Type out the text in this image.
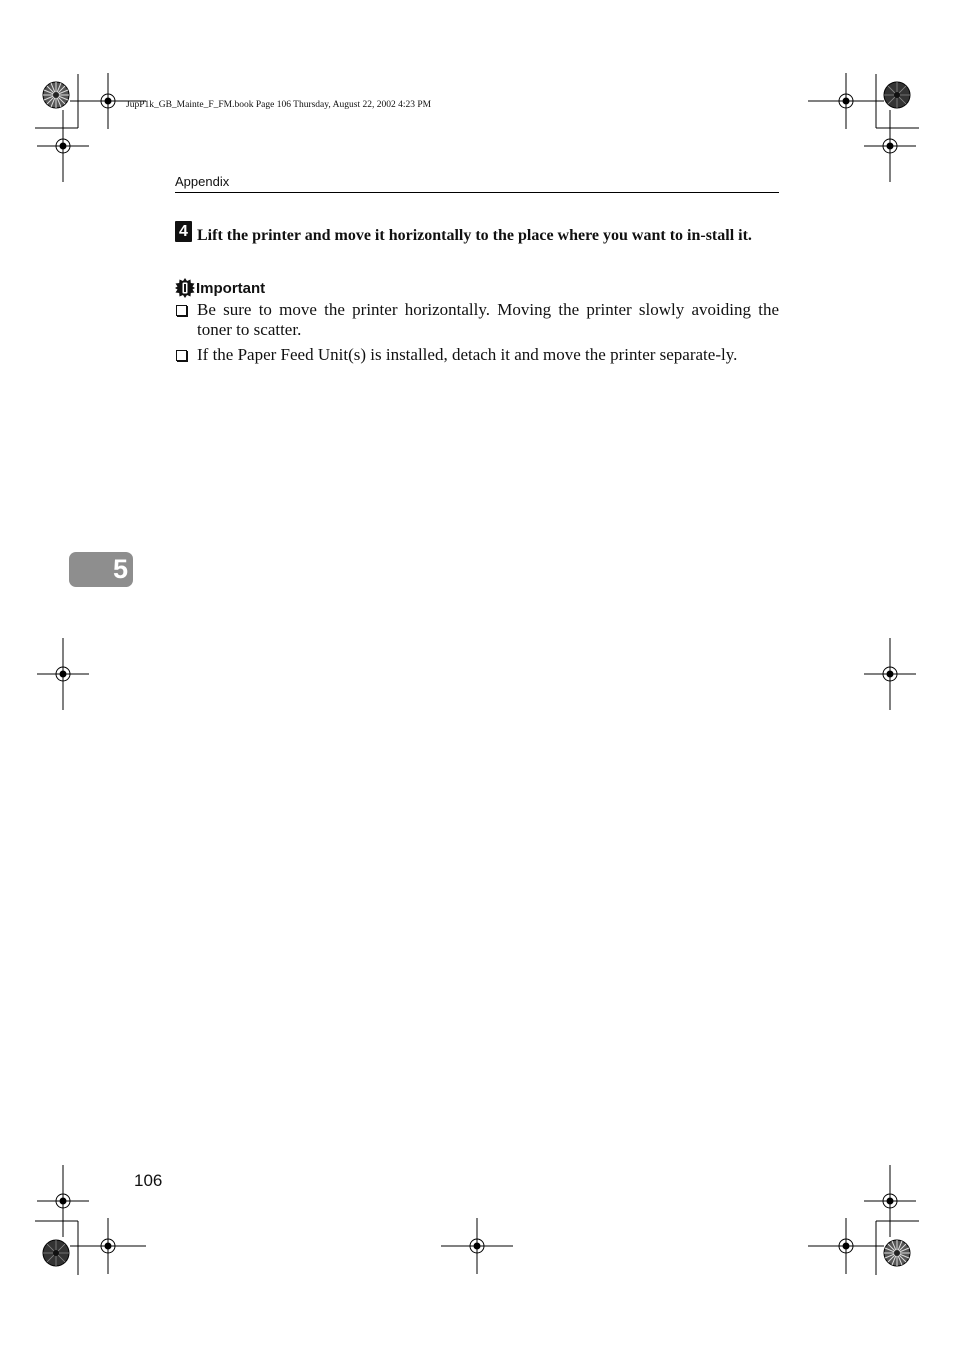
JupP1k_GB_Mainte_F_FM.book Page 106 Thursday, August 22, 2002 4:23 PM
Appendix
4 Lift the printer and move it horizontally to the place where you want to in-stall it.
Important
Be sure to move the printer horizontally. Moving the printer slowly avoiding the toner to scatter.
If the Paper Feed Unit(s) is installed, detach it and move the printer separate-ly.
5
106
